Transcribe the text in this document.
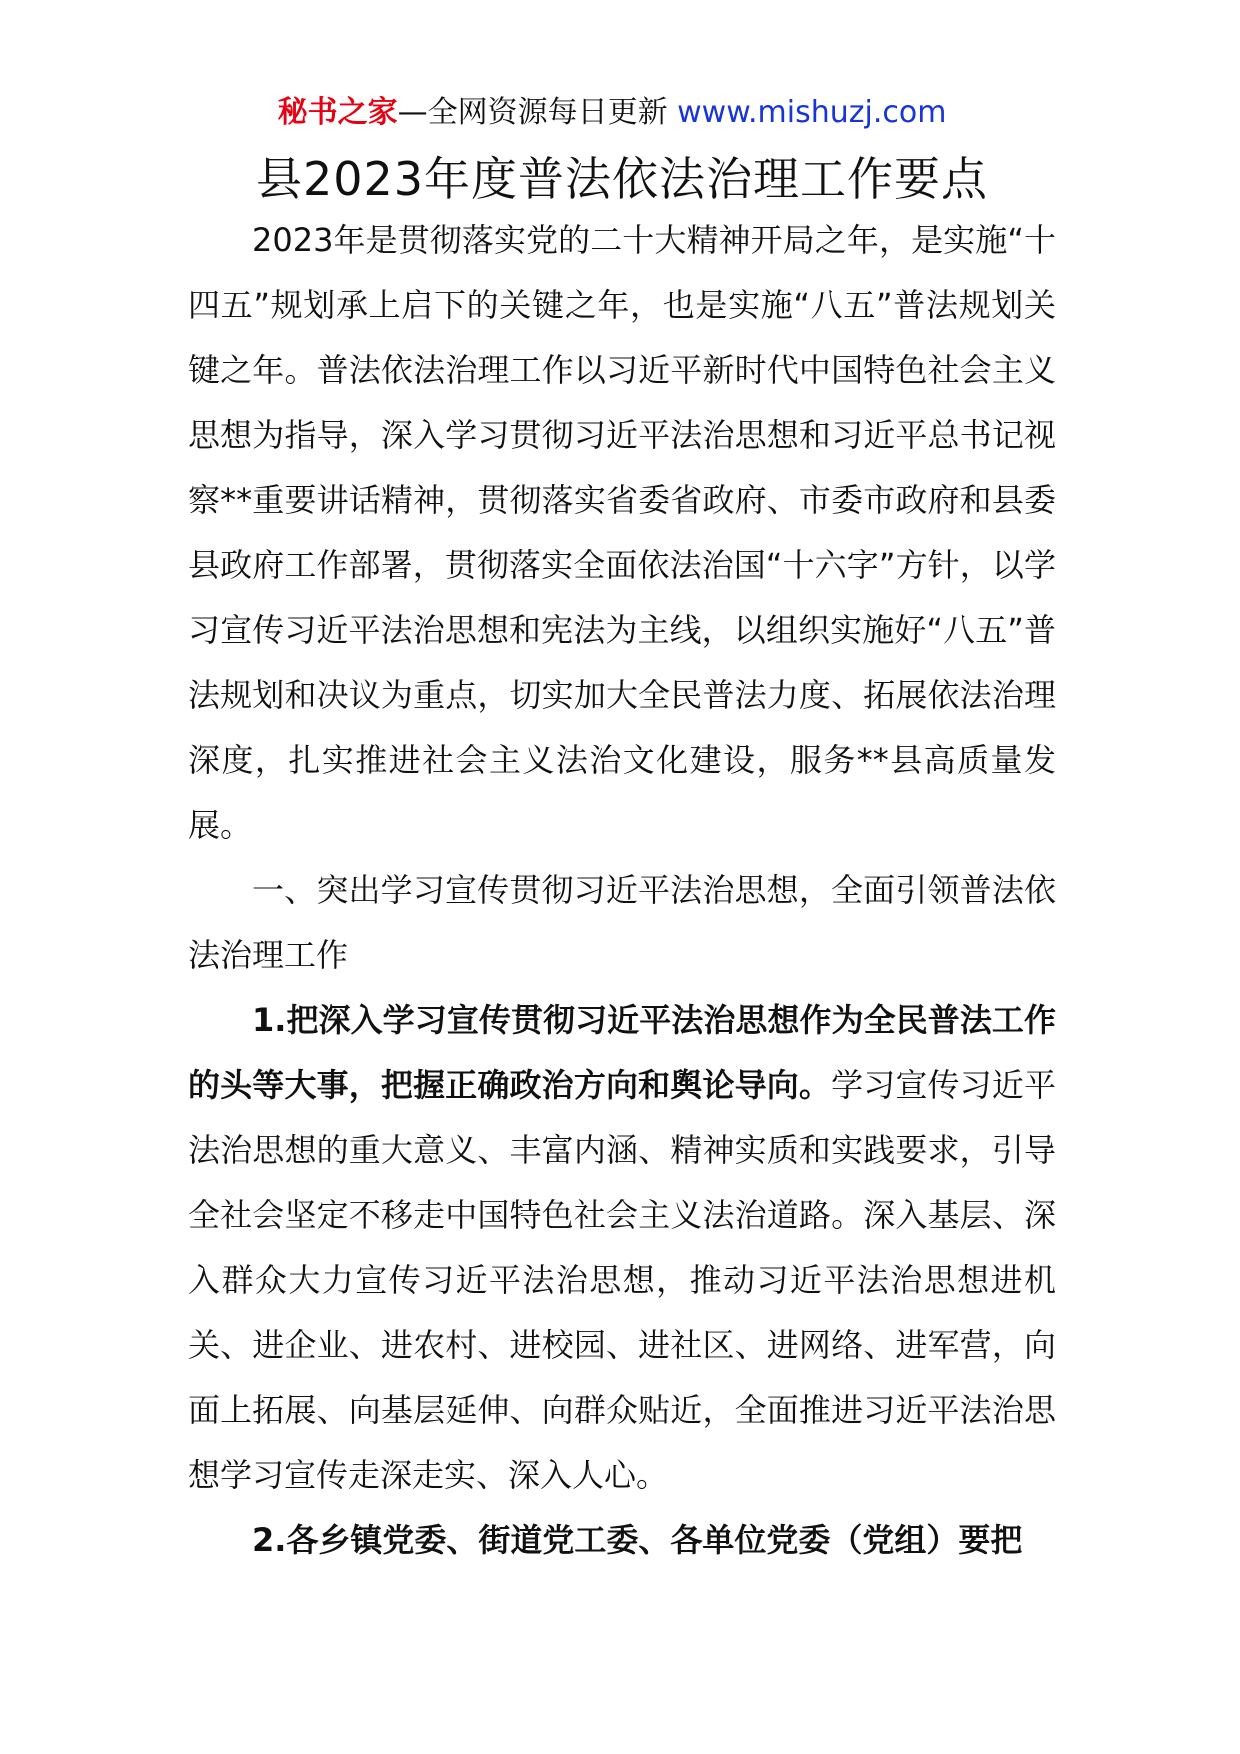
秘书之家—全网资源每日更新 www.mishuzj.com
县2023年度普法依法治理工作要点

2023年是贯彻落实党的二十大精神开局之年，是实施“十四五”规划承上启下的关键之年，也是实施“八五”普法规划关键之年。普法依法治理工作以习近平新时代中国特色社会主义思想为指导，深入学习贯彻习近平法治思想和习近平总书记视察**重要讲话精神，贯彻落实省委省政府、市委市政府和县委县政府工作部署，贯彻落实全面依法治国“十六字”方针，以学习宣传习近平法治思想和宪法为主线，以组织实施好“八五”普法规划和决议为重点，切实加大全民普法力度、拓展依法治理深度，扎实推进社会主义法治文化建设，服务**县高质量发展。

一、突出学习宣传贯彻习近平法治思想，全面引领普法依法治理工作

1.把深入学习宣传贯彻习近平法治思想作为全民普法工作的头等大事，把握正确政治方向和舆论导向。学习宣传习近平法治思想的重大意义、丰富内涵、精神实质和实践要求，引导全社会坚定不移走中国特色社会主义法治道路。深入基层、深入群众大力宣传习近平法治思想，推动习近平法治思想进机关、进企业、进农村、进校园、进社区、进网络、进军营，向面上拓展、向基层延伸、向群众贴近，全面推进习近平法治思想学习宣传走深走实、深入人心。

2.各乡镇党委、街道党工委、各单位党委（党组）要把
